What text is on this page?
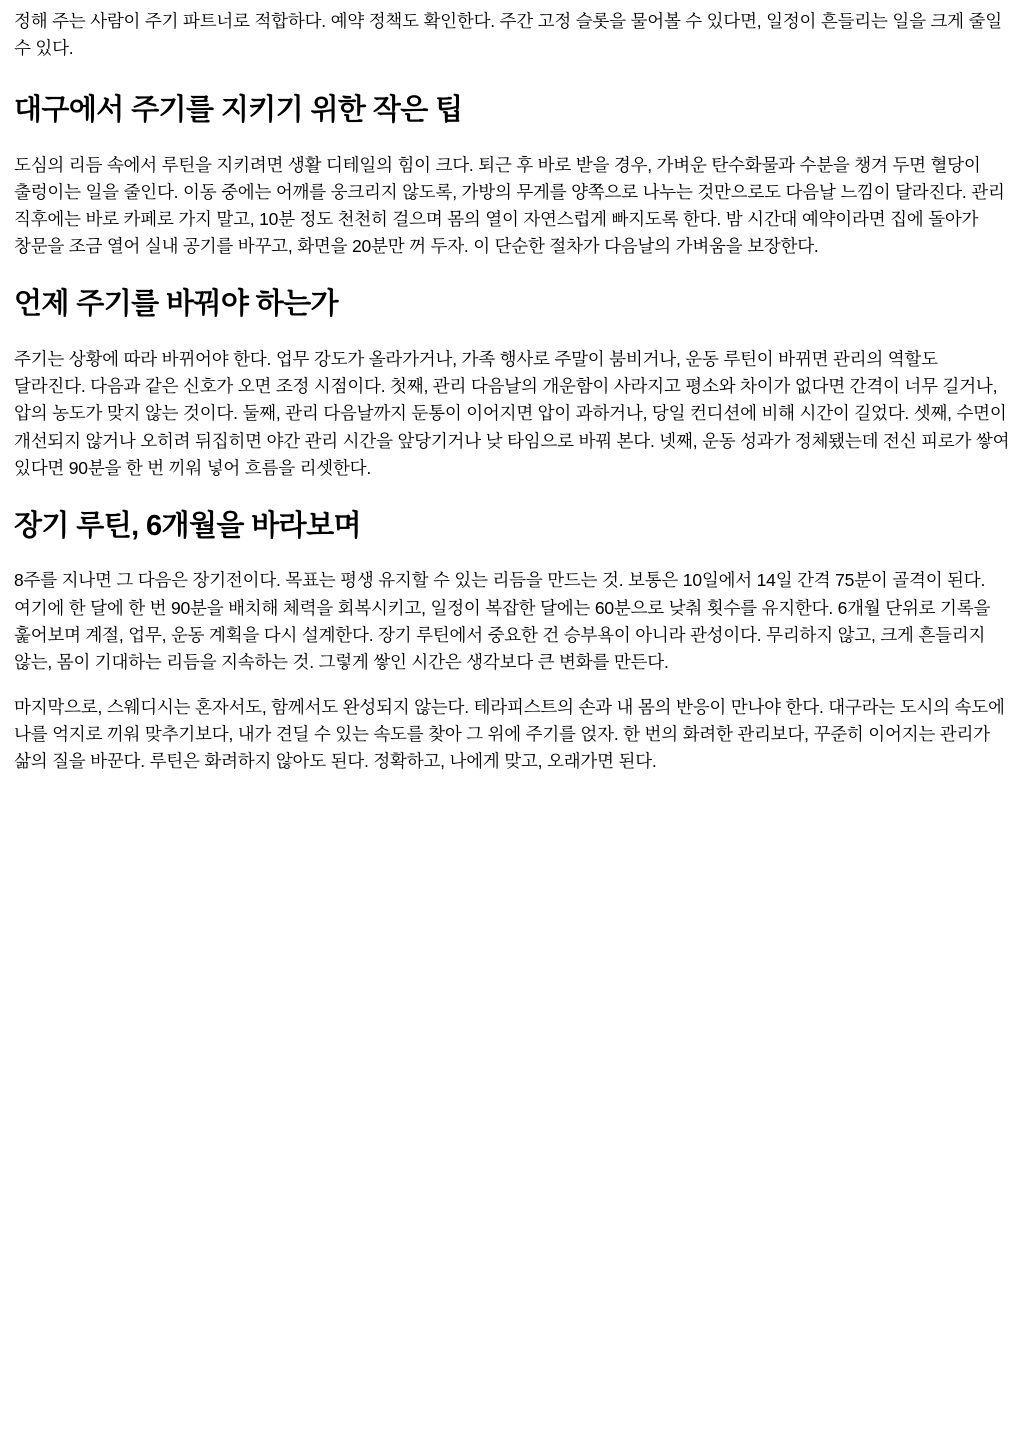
정해 주는 사람이 주기 파트너로 적합하다. 예약 정책도 확인한다. 주간 고정 슬롯을 물어볼 수 있다면, 일정이 흔들리는 일을 크게 줄일 수 있다.

대구에서 주기를 지키기 위한 작은 팁

도심의 리듬 속에서 루틴을 지키려면 생활 디테일의 힘이 크다. 퇴근 후 바로 받을 경우, 가벼운 탄수화물과 수분을 챙겨 두면 혈당이 출렁이는 일을 줄인다. 이동 중에는 어깨를 웅크리지 않도록, 가방의 무게를 양쪽으로 나누는 것만으로도 다음날 느낌이 달라진다. 관리 직후에는 바로 카페로 가지 말고, 10분 정도 천천히 걸으며 몸의 열이 자연스럽게 빠지도록 한다. 밤 시간대 예약이라면 집에 돌아가 창문을 조금 열어 실내 공기를 바꾸고, 화면을 20분만 꺼 두자. 이 단순한 절차가 다음날의 가벼움을 보장한다.

언제 주기를 바꿔야 하는가

주기는 상황에 따라 바뀌어야 한다. 업무 강도가 올라가거나, 가족 행사로 주말이 붐비거나, 운동 루틴이 바뀌면 관리의 역할도 달라진다. 다음과 같은 신호가 오면 조정 시점이다. 첫째, 관리 다음날의 개운함이 사라지고 평소와 차이가 없다면 간격이 너무 길거나, 압의 농도가 맞지 않는 것이다. 둘째, 관리 다음날까지 둔통이 이어지면 압이 과하거나, 당일 컨디션에 비해 시간이 길었다. 셋째, 수면이 개선되지 않거나 오히려 뒤집히면 야간 관리 시간을 앞당기거나 낮 타임으로 바꿔 본다. 넷째, 운동 성과가 정체됐는데 전신 피로가 쌓여 있다면 90분을 한 번 끼워 넣어 흐름을 리셋한다.

장기 루틴, 6개월을 바라보며

8주를 지나면 그 다음은 장기전이다. 목표는 평생 유지할 수 있는 리듬을 만드는 것. 보통은 10일에서 14일 간격 75분이 골격이 된다. 여기에 한 달에 한 번 90분을 배치해 체력을 회복시키고, 일정이 복잡한 달에는 60분으로 낮춰 횟수를 유지한다. 6개월 단위로 기록을 훑어보며 계절, 업무, 운동 계획을 다시 설계한다. 장기 루틴에서 중요한 건 승부욕이 아니라 관성이다. 무리하지 않고, 크게 흔들리지 않는, 몸이 기대하는 리듬을 지속하는 것. 그렇게 쌓인 시간은 생각보다 큰 변화를 만든다.

마지막으로, 스웨디시는 혼자서도, 함께서도 완성되지 않는다. 테라피스트의 손과 내 몸의 반응이 만나야 한다. 대구라는 도시의 속도에 나를 억지로 끼워 맞추기보다, 내가 견딜 수 있는 속도를 찾아 그 위에 주기를 얹자. 한 번의 화려한 관리보다, 꾸준히 이어지는 관리가 삶의 질을 바꾼다. 루틴은 화려하지 않아도 된다. 정확하고, 나에게 맞고, 오래가면 된다.
